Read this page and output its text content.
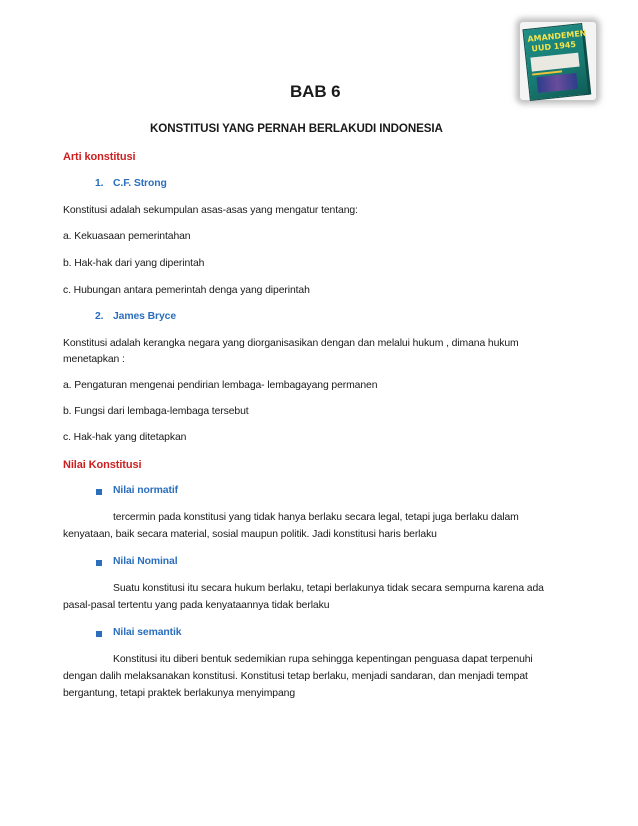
AMANDEMEN
UUD 1945
BAB 6
KONSTITUSI YANG PERNAH BERLAKUDI INDONESIA
Arti konstitusi
1. C.F. Strong
Konstitusi adalah sekumpulan asas-asas yang mengatur tentang:
a. Kekuasaan pemerintahan
b. Hak-hak dari yang diperintah
c. Hubungan antara pemerintah denga yang diperintah
2. James Bryce
Konstitusi adalah kerangka negara yang diorganisasikan dengan dan melalui hukum , dimana hukum
menetapkan :
a. Pengaturan mengenai pendirian lembaga- lembagayang permanen
b. Fungsi dari lembaga-lembaga tersebut
c. Hak-hak yang ditetapkan
Nilai Konstitusi
Nilai normatif
tercermin pada konstitusi yang tidak hanya berlaku secara legal, tetapi juga berlaku dalam
kenyataan, baik secara material, sosial maupun politik. Jadi konstitusi haris berlaku
Nilai Nominal
Suatu konstitusi itu secara hukum berlaku, tetapi berlakunya tidak secara sempurna karena ada
pasal-pasal tertentu yang pada kenyataannya tidak berlaku
Nilai semantik
Konstitusi itu diberi bentuk sedemikian rupa sehingga kepentingan penguasa dapat terpenuhi
dengan dalih melaksanakan konstitusi. Konstitusi tetap berlaku, menjadi sandaran, dan menjadi tempat
bergantung, tetapi praktek berlakunya menyimpang
